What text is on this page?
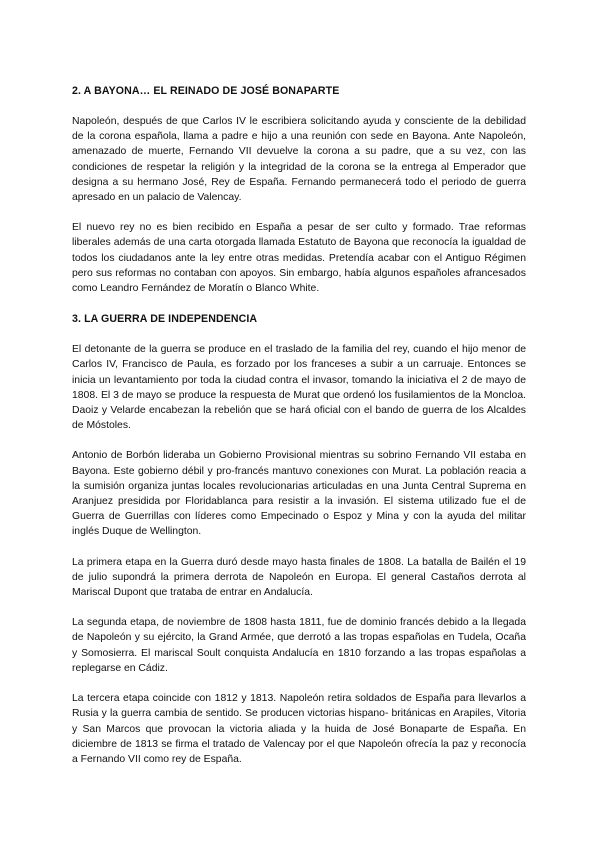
2. A BAYONA… EL REINADO DE JOSÉ BONAPARTE

Napoleón, después de que Carlos IV le escribiera solicitando ayuda y consciente de la debilidad de la corona española, llama a padre e hijo a una reunión con sede en Bayona. Ante Napoleón, amenazado de muerte, Fernando VII devuelve la corona a su padre, que a su vez, con las condiciones de respetar la religión y la integridad de la corona se la entrega al Emperador que designa a su hermano José, Rey de España. Fernando permanecerá todo el periodo de guerra apresado en un palacio de Valencay.

El nuevo rey no es bien recibido en España a pesar de ser culto y formado. Trae reformas liberales además de una carta otorgada llamada Estatuto de Bayona que reconocía la igualdad de todos los ciudadanos ante la ley entre otras medidas. Pretendía acabar con el Antiguo Régimen pero sus reformas no contaban con apoyos. Sin embargo, había algunos españoles afrancesados como Leandro Fernández de Moratín o Blanco White.

3. LA GUERRA DE INDEPENDENCIA

El detonante de la guerra se produce en el traslado de la familia del rey, cuando el hijo menor de Carlos IV, Francisco de Paula, es forzado por los franceses a subir a un carruaje. Entonces se inicia un levantamiento por toda la ciudad contra el invasor, tomando la iniciativa el 2 de mayo de 1808. El 3 de mayo se produce la respuesta de Murat que ordenó los fusilamientos de la Moncloa. Daoiz y Velarde encabezan la rebelión que se hará oficial con el bando de guerra de los Alcaldes de Móstoles.

Antonio de Borbón lideraba un Gobierno Provisional mientras su sobrino Fernando VII estaba en Bayona. Este gobierno débil y pro-francés mantuvo conexiones con Murat. La población reacia a la sumisión organiza juntas locales revolucionarias articuladas en una Junta Central Suprema en Aranjuez presidida por Floridablanca para resistir a la invasión. El sistema utilizado fue el de Guerra de Guerrillas con líderes como Empecinado o Espoz y Mina y con la ayuda del militar inglés Duque de Wellington.

La primera etapa en la Guerra duró desde mayo hasta finales de 1808. La batalla de Bailén el 19 de julio supondrá la primera derrota de Napoleón en Europa. El general Castaños derrota al Mariscal Dupont que trataba de entrar en Andalucía.

La segunda etapa, de noviembre de 1808 hasta 1811, fue de dominio francés debido a la llegada de Napoleón y su ejército, la Grand Armée, que derrotó a las tropas españolas en Tudela, Ocaña y Somosierra. El mariscal Soult conquista Andalucía en 1810 forzando a las tropas españolas a replegarse en Cádiz.

La tercera etapa coincide con 1812 y 1813. Napoleón retira soldados de España para llevarlos a Rusia y la guerra cambia de sentido. Se producen victorias hispano- británicas en Arapiles, Vitoria y San Marcos que provocan la victoria aliada y la huida de José Bonaparte de España. En diciembre de 1813 se firma el tratado de Valencay por el que Napoleón ofrecía la paz y reconocía a Fernando VII como rey de España.
